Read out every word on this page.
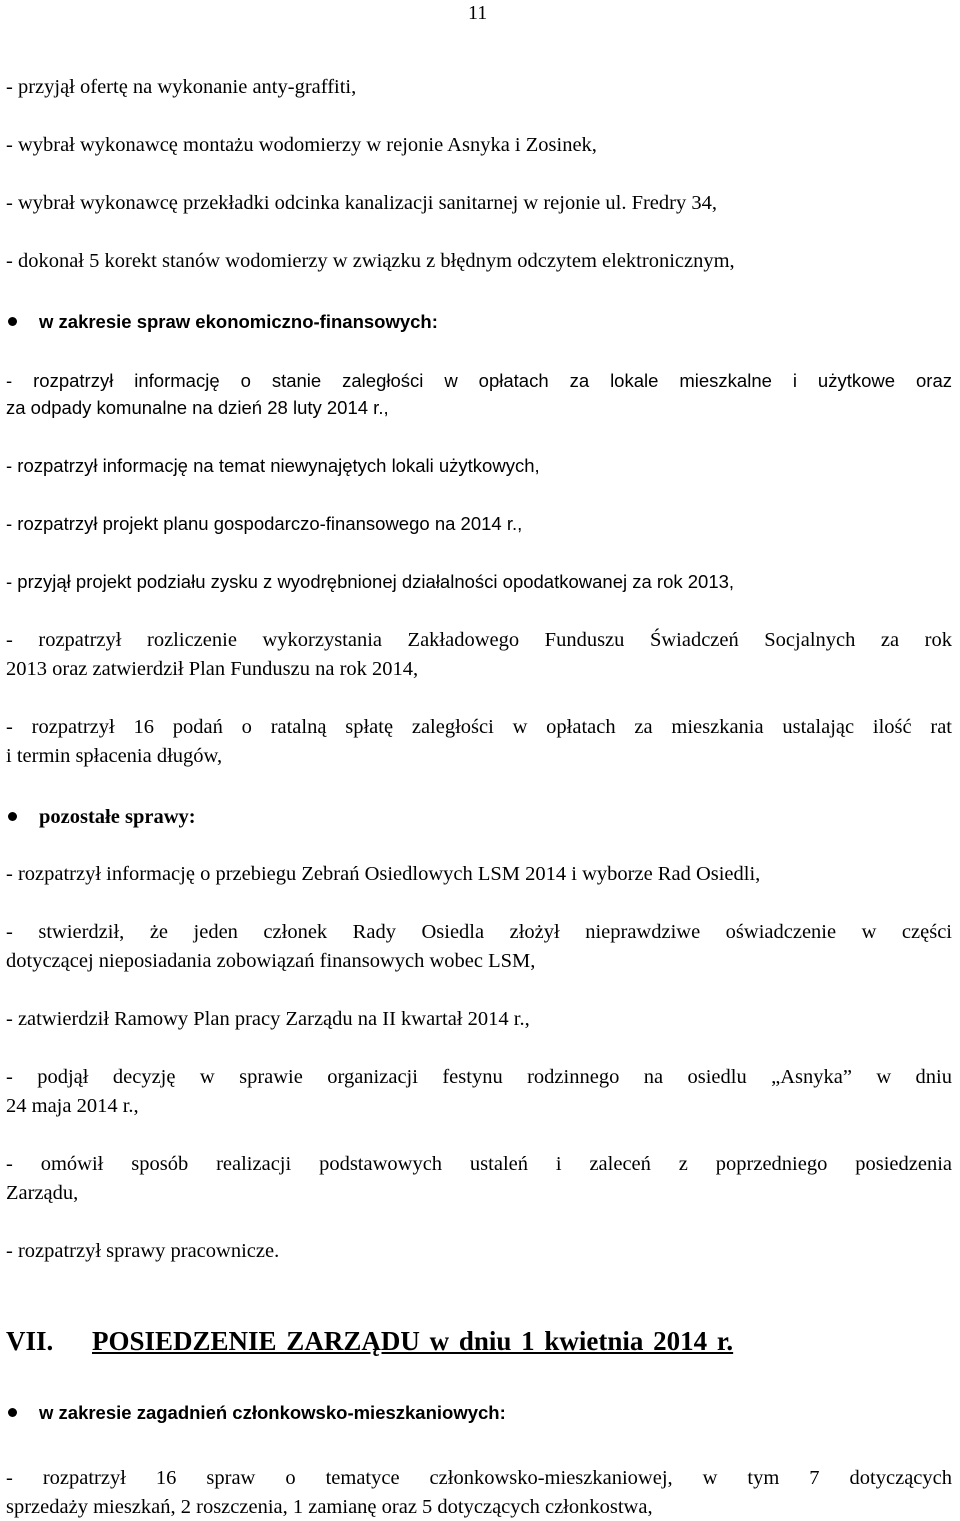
11
- przyjął ofertę na wykonanie anty-graffiti,
- wybrał wykonawcę montażu wodomierzy w rejonie Asnyka i Zosinek,
- wybrał wykonawcę przekładki odcinka kanalizacji sanitarnej w rejonie ul. Fredry 34,
- dokonał 5 korekt stanów wodomierzy w związku z błędnym odczytem elektronicznym,
w zakresie spraw ekonomiczno-finansowych:
- rozpatrzył informację o stanie zaległości w opłatach za lokale mieszkalne i użytkowe oraz
za odpady komunalne na dzień 28 luty 2014 r.,
- rozpatrzył informację na temat niewynajętych lokali użytkowych,
- rozpatrzył projekt planu gospodarczo-finansowego na 2014 r.,
- przyjął projekt podziału zysku z wyodrębnionej działalności opodatkowanej za rok 2013,
- rozpatrzył rozliczenie wykorzystania Zakładowego Funduszu Świadczeń Socjalnych za rok
2013 oraz zatwierdził Plan Funduszu na rok 2014,
- rozpatrzył 16 podań o ratalną spłatę zaległości w opłatach za mieszkania ustalając ilość rat
i termin spłacenia długów,
pozostałe sprawy:
- rozpatrzył informację o przebiegu Zebrań Osiedlowych LSM 2014 i wyborze Rad Osiedli,
- stwierdził, że jeden członek Rady Osiedla złożył nieprawdziwe oświadczenie w części
dotyczącej nieposiadania zobowiązań finansowych wobec LSM,
- zatwierdził Ramowy Plan pracy Zarządu na II kwartał 2014 r.,
- podjął decyzję w sprawie organizacji festynu rodzinnego na osiedlu „Asnyka” w dniu
24 maja 2014 r.,
- omówił sposób realizacji podstawowych ustaleń i zaleceń z poprzedniego posiedzenia
Zarządu,
- rozpatrzył sprawy pracownicze.
VII. POSIEDZENIE ZARZĄDU w dniu 1 kwietnia 2014 r.
w zakresie zagadnień członkowsko-mieszkaniowych:
- rozpatrzył 16 spraw o tematyce członkowsko-mieszkaniowej, w tym 7 dotyczących
sprzedaży mieszkań, 2 roszczenia, 1 zamianę oraz 5 dotyczących członkostwa,
